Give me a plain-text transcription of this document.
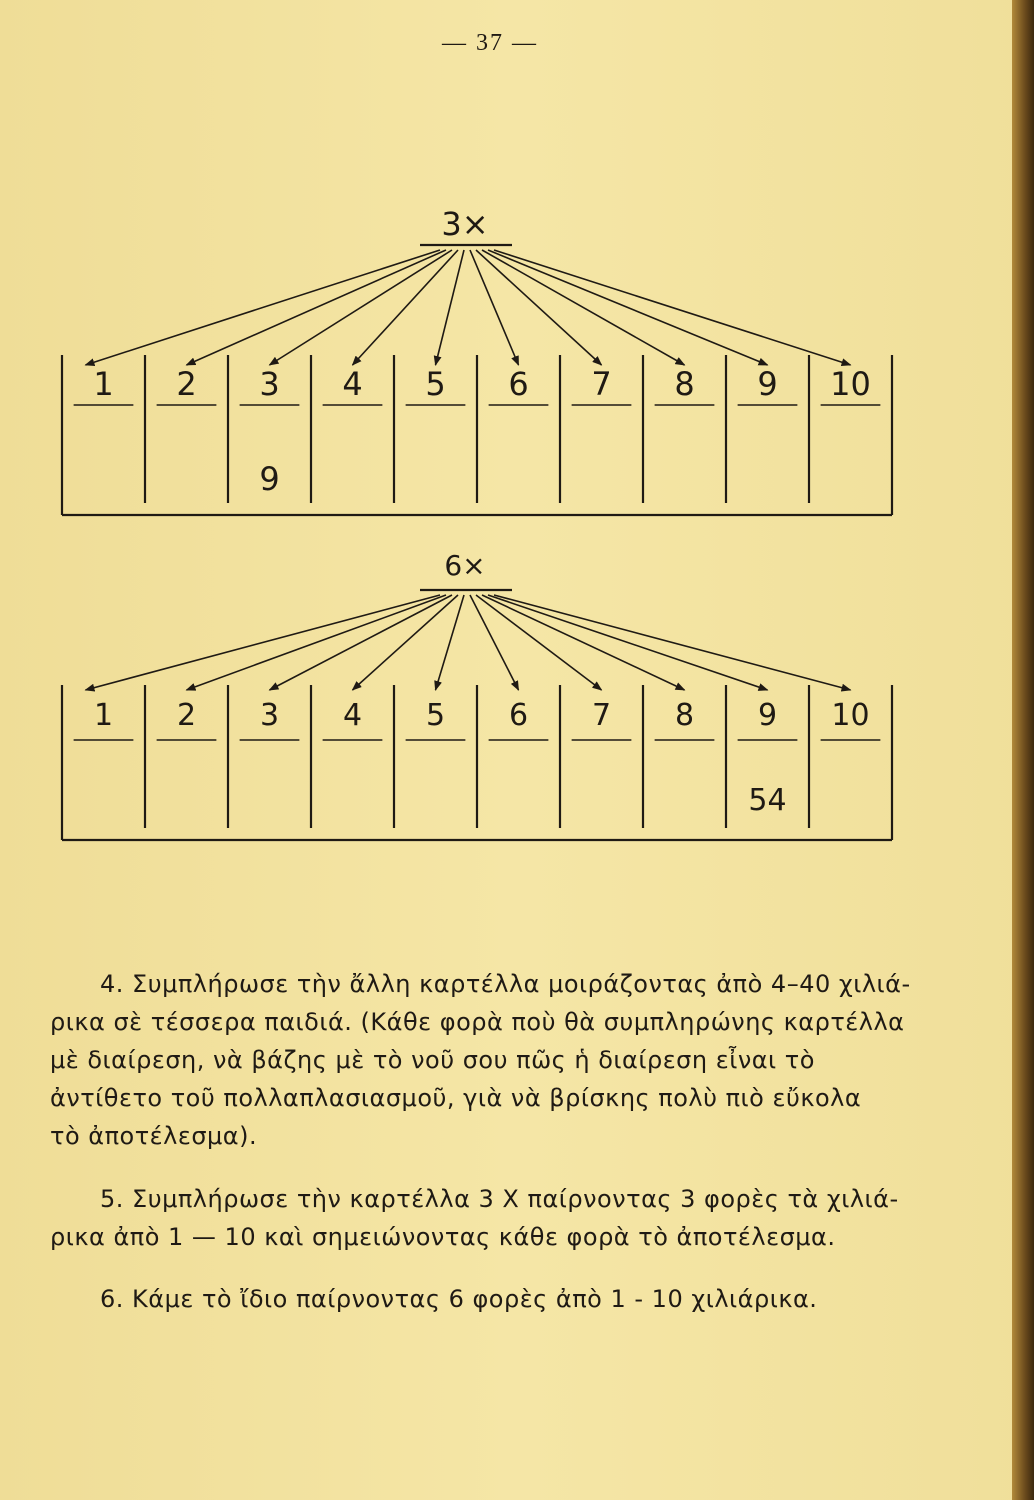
— 37 —
3×
1 2 3
9
4 5 6 7 8 9 10
6×
1 2 3 4 5 6 7 8 9
54
10

4. Συμπλήρωσε τὴν ἄλλη καρτέλλα μοιράζοντας ἀπὸ 4–40 χιλιά-

ρικα σὲ τέσσερα παιδιά. (Κάθε φορὰ ποὺ θὰ συμπληρώνης καρτέλλα

μὲ διαίρεση, νὰ βάζης μὲ τὸ νοῦ σου πῶς ἡ διαίρεση εἶναι τὸ

ἀντίθετο τοῦ πολλαπλασιασμοῦ, γιὰ νὰ βρίσκης πολὺ πιὸ εὔκολα

τὸ ἀποτέλεσμα).

5. Συμπλήρωσε τὴν καρτέλλα 3 Χ παίρνοντας 3 φορὲς τὰ χιλιά-

ρικα ἀπὸ 1 — 10 καὶ σημειώνοντας κάθε φορὰ τὸ ἀποτέλεσμα.

6. Κάμε τὸ ἴδιο παίρνοντας 6 φορὲς ἀπὸ 1 - 10 χιλιάρικα.
